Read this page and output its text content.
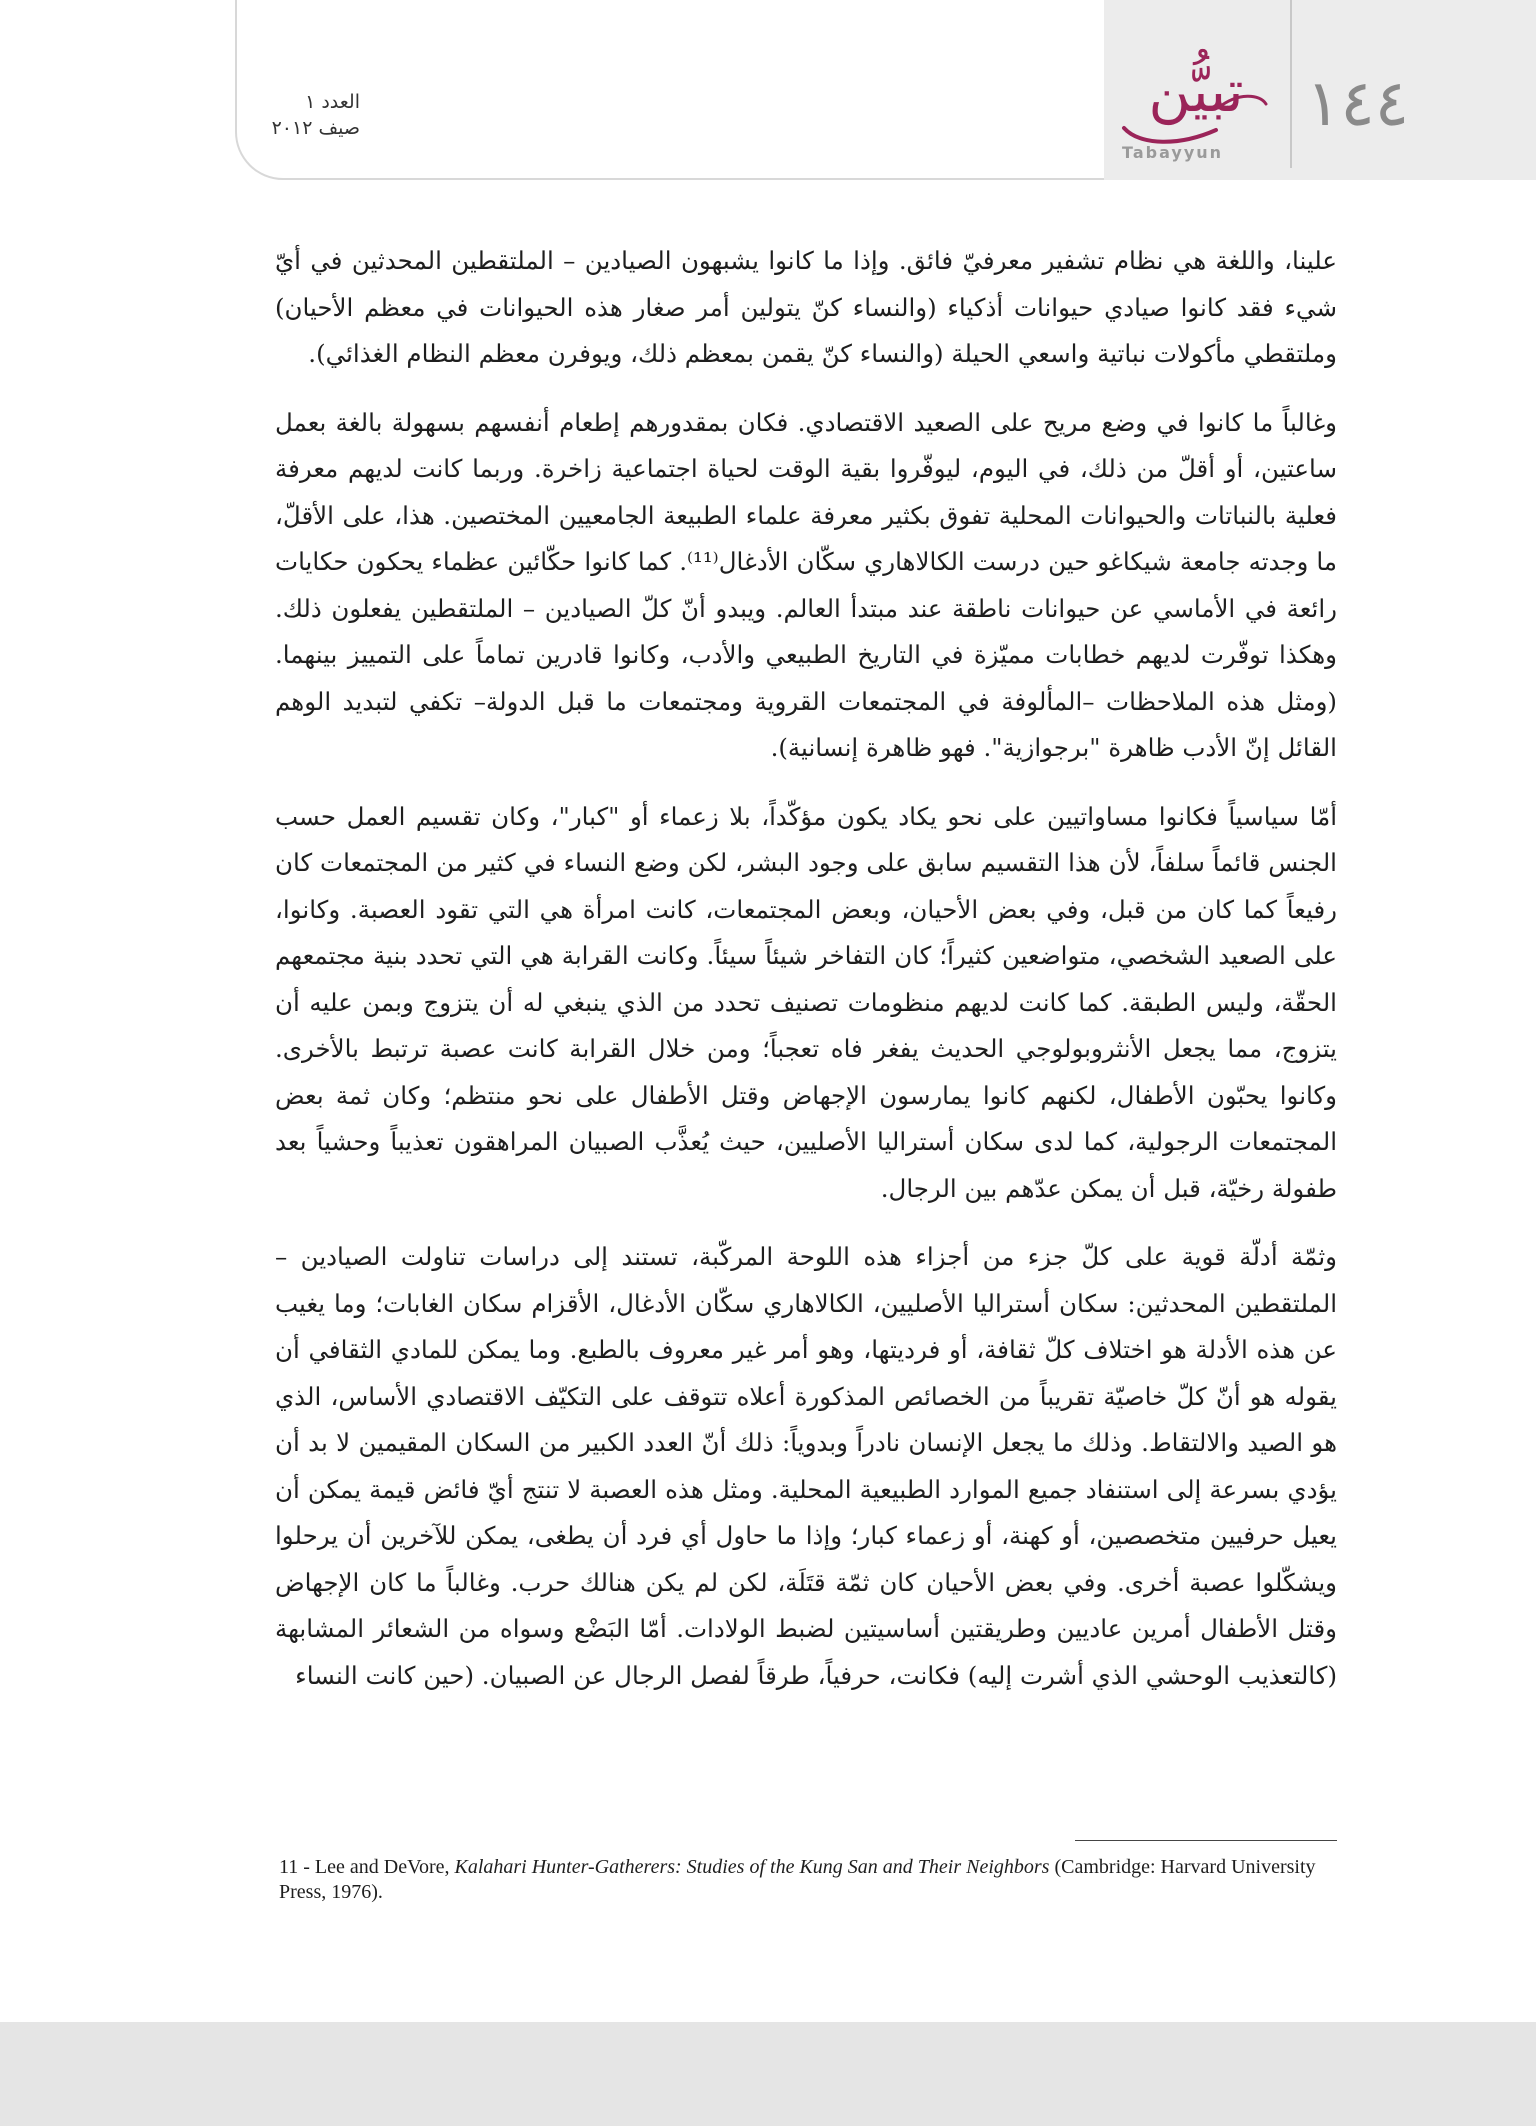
١٤٤
تبيُّن
Tabayyun
العدد ١
صيف ٢٠١٢

علينا، واللغة هي نظام تشفير معرفيّ فائق. وإذا ما كانوا يشبهون الصيادين – الملتقطين المحدثين في أيّ شيء فقد كانوا صيادي حيوانات أذكياء (والنساء كنّ يتولين أمر صغار هذه الحيوانات في معظم الأحيان) وملتقطي مأكولات نباتية واسعي الحيلة (والنساء كنّ يقمن بمعظم ذلك، ويوفرن معظم النظام الغذائي).

وغالباً ما كانوا في وضع مريح على الصعيد الاقتصادي. فكان بمقدورهم إطعام أنفسهم بسهولة بالغة بعمل ساعتين، أو أقلّ من ذلك، في اليوم، ليوفّروا بقية الوقت لحياة اجتماعية زاخرة. وربما كانت لديهم معرفة فعلية بالنباتات والحيوانات المحلية تفوق بكثير معرفة علماء الطبيعة الجامعيين المختصين. هذا، على الأقلّ، ما وجدته جامعة شيكاغو حين درست الكالاهاري سكّان الأدغال⁽¹¹⁾. كما كانوا حكّائين عظماء يحكون حكايات رائعة في الأماسي عن حيوانات ناطقة عند مبتدأ العالم. ويبدو أنّ كلّ الصيادين – الملتقطين يفعلون ذلك. وهكذا توفّرت لديهم خطابات مميّزة في التاريخ الطبيعي والأدب، وكانوا قادرين تماماً على التمييز بينهما. (ومثل هذه الملاحظات –المألوفة في المجتمعات القروية ومجتمعات ما قبل الدولة– تكفي لتبديد الوهم القائل إنّ الأدب ظاهرة "برجوازية". فهو ظاهرة إنسانية).

أمّا سياسياً فكانوا مساواتيين على نحو يكاد يكون مؤكّداً، بلا زعماء أو "كبار"، وكان تقسيم العمل حسب الجنس قائماً سلفاً، لأن هذا التقسيم سابق على وجود البشر، لكن وضع النساء في كثير من المجتمعات كان رفيعاً كما كان من قبل، وفي بعض الأحيان، وبعض المجتمعات، كانت امرأة هي التي تقود العصبة. وكانوا، على الصعيد الشخصي، متواضعين كثيراً؛ كان التفاخر شيئاً سيئاً. وكانت القرابة هي التي تحدد بنية مجتمعهم الحقّة، وليس الطبقة. كما كانت لديهم منظومات تصنيف تحدد من الذي ينبغي له أن يتزوج وبمن عليه أن يتزوج، مما يجعل الأنثروبولوجي الحديث يفغر فاه تعجباً؛ ومن خلال القرابة كانت عصبة ترتبط بالأخرى. وكانوا يحبّون الأطفال، لكنهم كانوا يمارسون الإجهاض وقتل الأطفال على نحو منتظم؛ وكان ثمة بعض المجتمعات الرجولية، كما لدى سكان أستراليا الأصليين، حيث يُعذَّب الصبيان المراهقون تعذيباً وحشياً بعد طفولة رخيّة، قبل أن يمكن عدّهم بين الرجال.

وثمّة أدلّة قوية على كلّ جزء من أجزاء هذه اللوحة المركّبة، تستند إلى دراسات تناولت الصيادين – الملتقطين المحدثين: سكان أستراليا الأصليين، الكالاهاري سكّان الأدغال، الأقزام سكان الغابات؛ وما يغيب عن هذه الأدلة هو اختلاف كلّ ثقافة، أو فرديتها، وهو أمر غير معروف بالطبع. وما يمكن للمادي الثقافي أن يقوله هو أنّ كلّ خاصيّة تقريباً من الخصائص المذكورة أعلاه تتوقف على التكيّف الاقتصادي الأساس، الذي هو الصيد والالتقاط. وذلك ما يجعل الإنسان نادراً وبدوياً: ذلك أنّ العدد الكبير من السكان المقيمين لا بد أن يؤدي بسرعة إلى استنفاد جميع الموارد الطبيعية المحلية. ومثل هذه العصبة لا تنتج أيّ فائض قيمة يمكن أن يعيل حرفيين متخصصين، أو كهنة، أو زعماء كبار؛ وإذا ما حاول أي فرد أن يطغى، يمكن للآخرين أن يرحلوا ويشكّلوا عصبة أخرى. وفي بعض الأحيان كان ثمّة قتَلَة، لكن لم يكن هنالك حرب. وغالباً ما كان الإجهاض وقتل الأطفال أمرين عاديين وطريقتين أساسيتين لضبط الولادات. أمّا البَضْع وسواه من الشعائر المشابهة (كالتعذيب الوحشي الذي أشرت إليه) فكانت، حرفياً، طرقاً لفصل الرجال عن الصبيان. (حين كانت النساء

11 - Lee and DeVore, Kalahari Hunter-Gatherers: Studies of the Kung San and Their Neighbors (Cambridge: Harvard University Press, 1976).
